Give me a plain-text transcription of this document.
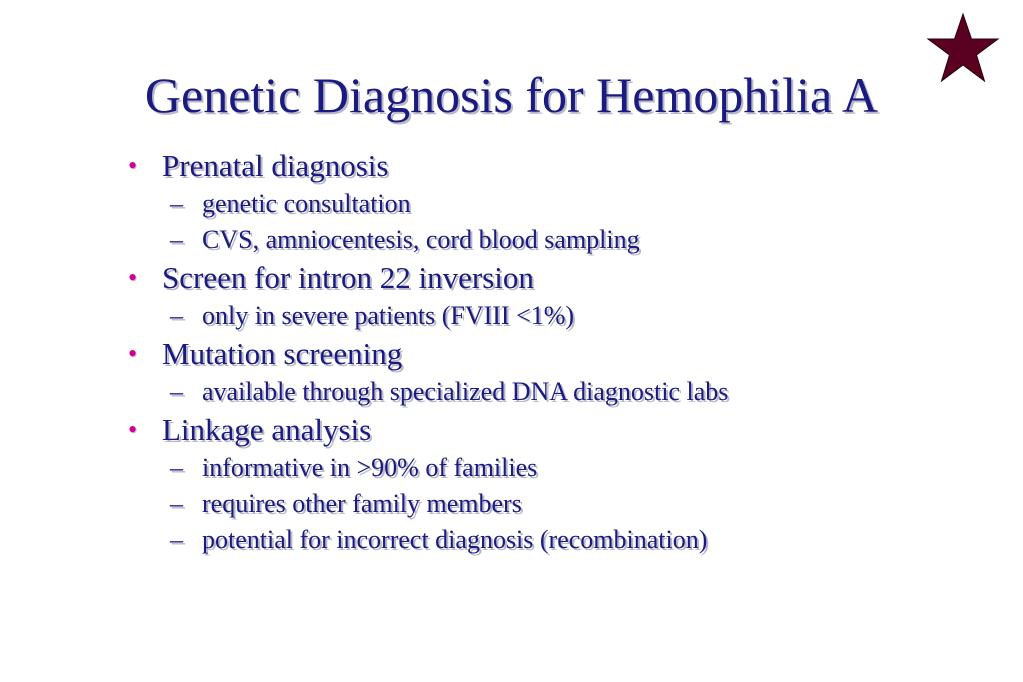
Genetic Diagnosis for Hemophilia A
• Prenatal diagnosis
– genetic consultation
– CVS, amniocentesis, cord blood sampling
• Screen for intron 22 inversion
– only in severe patients (FVIII <1%)
• Mutation screening
– available through specialized DNA diagnostic labs
• Linkage analysis
– informative in >90% of families
– requires other family members
– potential for incorrect diagnosis (recombination)
